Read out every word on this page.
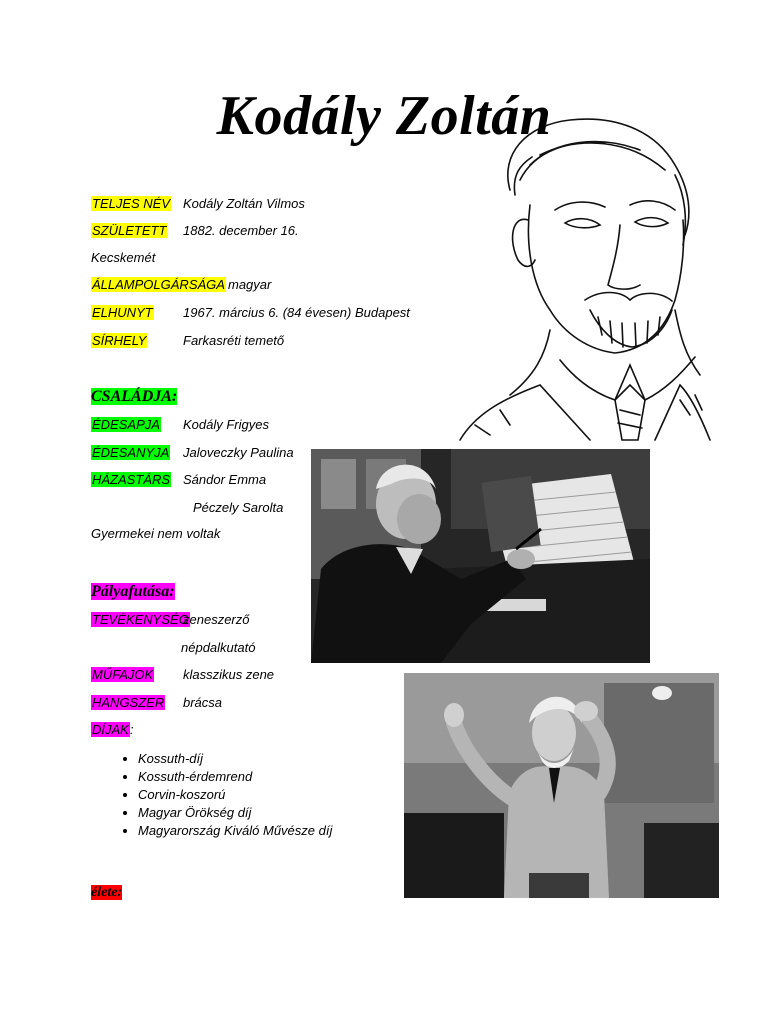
Kodály Zoltán
TELJES NÉV Kodály Zoltán Vilmos
SZÜLETETT 1882. december 16.
Kecskemét
ÁLLAMPOLGÁRSÁGA magyar
ELHUNYT 1967. március 6. (84 évesen) Budapest
SÍRHELY	Farkasréti temető
CSALÁDJA:
ÉDESAPJA Kodály Frigyes
ÉDESANYJA Jaloveczky Paulina
HÁZASTÁRS Sándor Emma
Péczely Sarolta
Gyermekei nem voltak
Pályafutása:
TEVÉKENYSÉG
zeneszerző
népdalkutató
MŰFAJOK klasszikus zene
HANGSZER brácsa
DÍJAK:
• Kossuth-díj
• Kossuth-érdemrend
• Corvin-koszorú
• Magyar Örökség díj
• Magyarország Kiváló Művésze díj
élete:
